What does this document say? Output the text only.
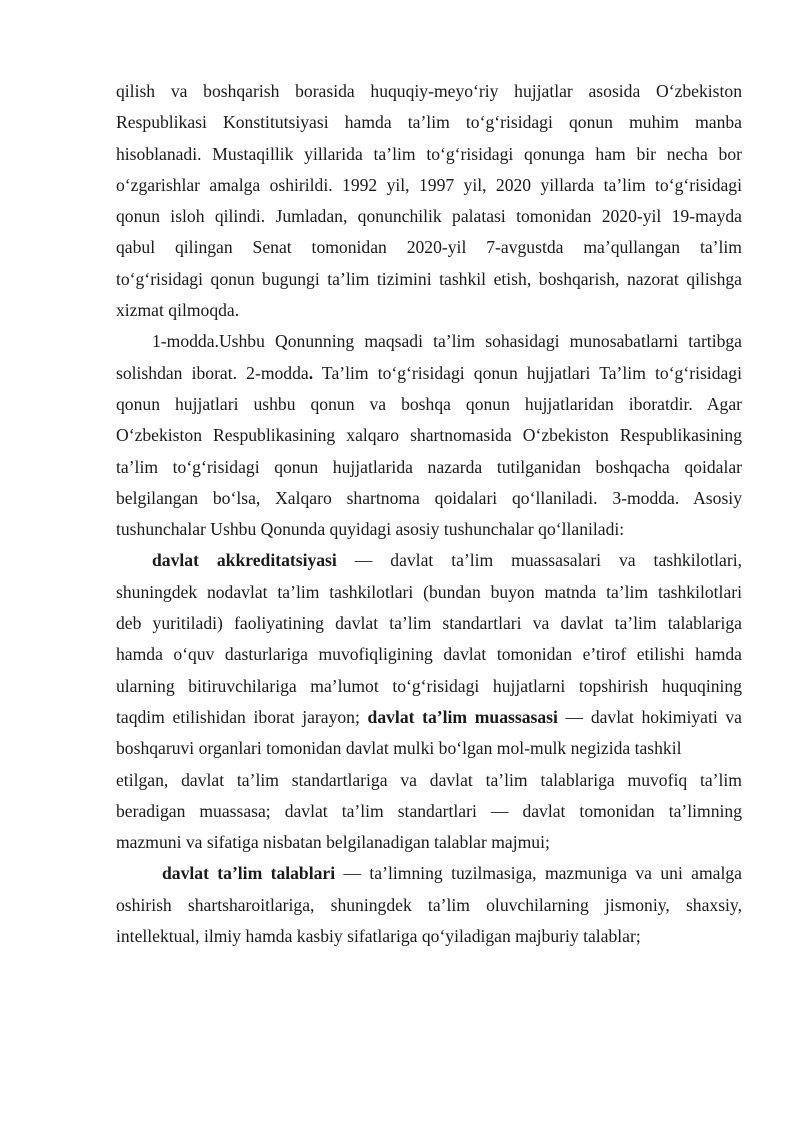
qilish va boshqarish borasida huquqiy-meyo‘riy hujjatlar asosida O‘zbekiston
Respublikasi Konstitutsiyasi hamda ta’lim to‘g‘risidagi qonun muhim manba
hisoblanadi. Mustaqillik yillarida ta’lim to‘g‘risidagi qonunga ham bir necha bor
o‘zgarishlar amalga oshirildi. 1992 yil, 1997 yil, 2020 yillarda ta’lim to‘g‘risidagi
qonun isloh qilindi. Jumladan, qonunchilik palatasi tomonidan 2020-yil 19-mayda
qabul qilingan Senat tomonidan 2020-yil 7-avgustda ma’qullangan ta’lim
to‘g‘risidagi qonun bugungi ta’lim tizimini tashkil etish, boshqarish, nazorat qilishga
xizmat qilmoqda.

1-modda.Ushbu Qonunning maqsadi ta’lim sohasidagi munosabatlarni tartibga
solishdan iborat. 2-modda. Ta’lim to‘g‘risidagi qonun hujjatlari Ta’lim to‘g‘risidagi
qonun hujjatlari ushbu qonun va boshqa qonun hujjatlaridan iboratdir. Agar
O‘zbekiston Respublikasining xalqaro shartnomasida O‘zbekiston Respublikasining
ta’lim to‘g‘risidagi qonun hujjatlarida nazarda tutilganidan boshqacha qoidalar
belgilangan bo‘lsa, Xalqaro shartnoma qoidalari qo‘llaniladi. 3-modda. Asosiy
tushunchalar Ushbu Qonunda quyidagi asosiy tushunchalar qo‘llaniladi:

davlat akkreditatsiyasi — davlat ta’lim muassasalari va tashkilotlari,
shuningdek nodavlat ta’lim tashkilotlari (bundan buyon matnda ta’lim tashkilotlari
deb yuritiladi) faoliyatining davlat ta’lim standartlari va davlat ta’lim talablariga
hamda o‘quv dasturlariga muvofiqligining davlat tomonidan e’tirof etilishi hamda
ularning bitiruvchilariga ma’lumot to‘g‘risidagi hujjatlarni topshirish huquqining
taqdim etilishidan iborat jarayon; davlat ta’lim muassasasi — davlat hokimiyati va
boshqaruvi organlari tomonidan davlat mulki bo‘lgan mol-mulk negizida tashkil
etilgan, davlat ta’lim standartlariga va davlat ta’lim talablariga muvofiq ta’lim
beradigan muassasa; davlat ta’lim standartlari — davlat tomonidan ta’limning
mazmuni va sifatiga nisbatan belgilanadigan talablar majmui;

davlat ta’lim talablari — ta’limning tuzilmasiga, mazmuniga va uni amalga
oshirish shartsharoitlariga, shuningdek ta’lim oluvchilarning jismoniy, shaxsiy,
intellektual, ilmiy hamda kasbiy sifatlariga qo‘yiladigan majburiy talablar;
